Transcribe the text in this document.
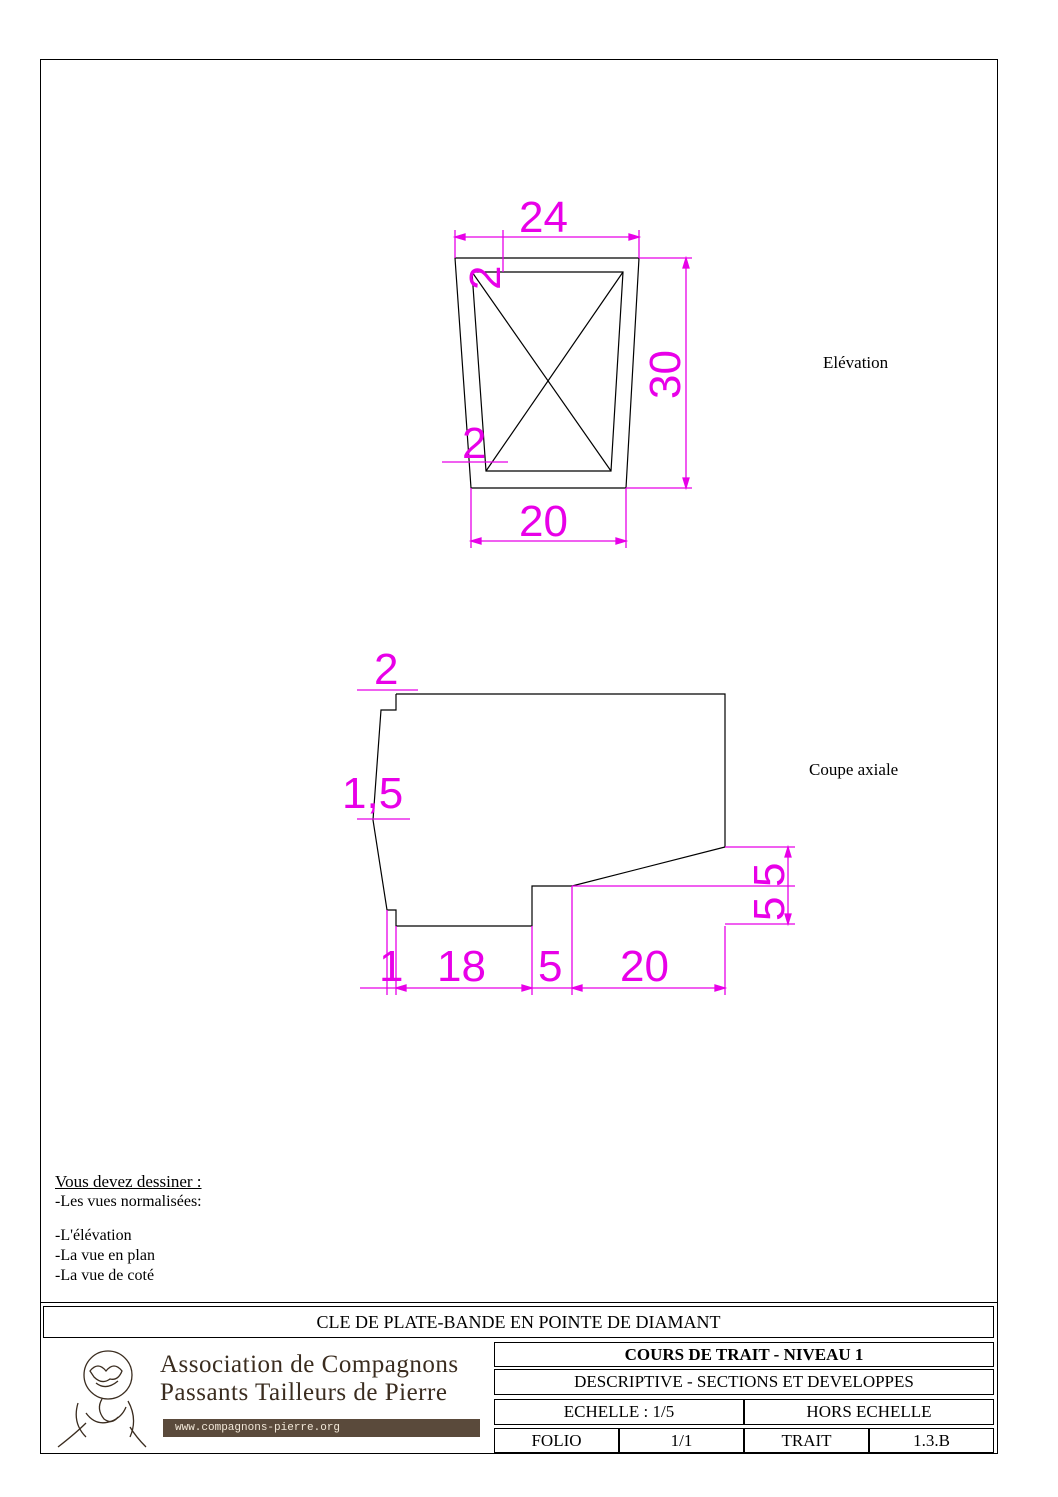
24
20
30
2
2
2
1,5
1 18 5 20
5
5
Elévation
Coupe axiale
Vous devez dessiner :
-Les vues normalisées:
-L'élévation
-La vue en plan
-La vue de coté
CLE DE PLATE-BANDE EN POINTE DE DIAMANT
Association de Compagnons
Passants Tailleurs de Pierre
www.compagnons-pierre.org
COURS DE TRAIT - NIVEAU 1
DESCRIPTIVE - SECTIONS ET DEVELOPPES
ECHELLE : 1/5	HORS ECHELLE
FOLIO	1/1	TRAIT	1.3.B
